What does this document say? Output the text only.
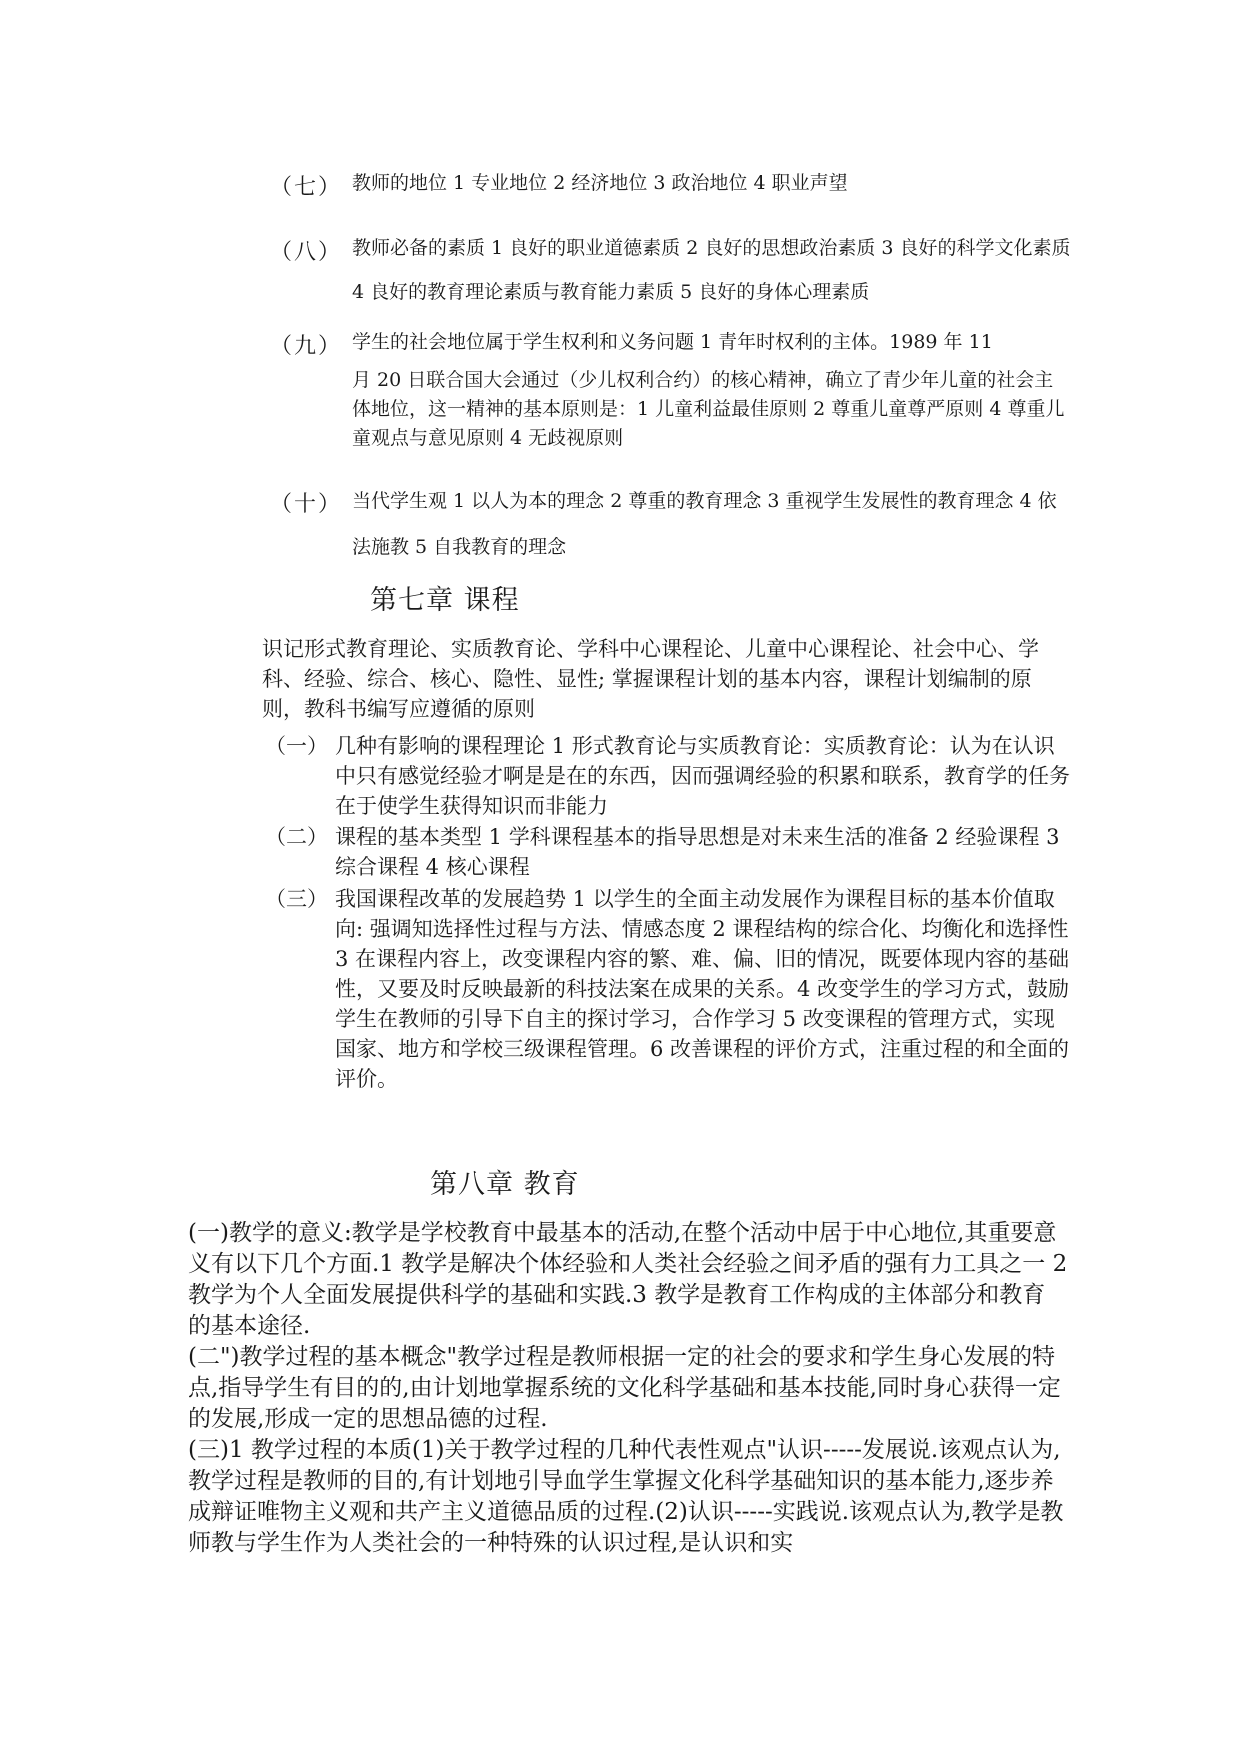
（七） 教师的地位 1 专业地位 2 经济地位 3 政治地位 4 职业声望
（八） 教师必备的素质 1 良好的职业道德素质 2 良好的思想政治素质 3 良好的科学文化素质 4 良好的教育理论素质与教育能力素质 5 良好的身体心理素质
（九） 学生的社会地位属于学生权利和义务问题 1 青年时权利的主体。1989 年 11
月 20 日联合国大会通过（少儿权利合约）的核心精神，确立了青少年儿童的社会主体地位，这一精神的基本原则是：1 儿童利益最佳原则 2 尊重儿童尊严原则 4 尊重儿童观点与意见原则 4 无歧视原则
（十） 当代学生观 1 以人为本的理念 2 尊重的教育理念 3 重视学生发展性的教育理念 4 依法施教 5 自我教育的理念
第七章 课程
识记形式教育理论、实质教育论、学科中心课程论、儿童中心课程论、社会中心、学科、经验、综合、核心、隐性、显性; 掌握课程计划的基本内容，课程计划编制的原则，教科书编写应遵循的原则
（一） 几种有影响的课程理论 1 形式教育论与实质教育论：实质教育论：认为在认识中只有感觉经验才啊是是在的东西，因而强调经验的积累和联系，教育学的任务在于使学生获得知识而非能力
（二） 课程的基本类型 1 学科课程基本的指导思想是对未来生活的准备 2 经验课程 3 综合课程 4 核心课程
（三） 我国课程改革的发展趋势 1 以学生的全面主动发展作为课程目标的基本价值取向: 强调知选择性过程与方法、情感态度 2 课程结构的综合化、均衡化和选择性 3 在课程内容上，改变课程内容的繁、难、偏、旧的情况，既要体现内容的基础性，又要及时反映最新的科技法案在成果的关系。4 改变学生的学习方式，鼓励学生在教师的引导下自主的探讨学习，合作学习 5 改变课程的管理方式，实现国家、地方和学校三级课程管理。6 改善课程的评价方式，注重过程的和全面的评价。
第八章 教育

(一)教学的意义:教学是学校教育中最基本的活动,在整个活动中居于中心地位,其重要意义有以下几个方面.1 教学是解决个体经验和人类社会经验之间矛盾的强有力工具之一 2 教学为个人全面发展提供科学的基础和实践.3 教学是教育工作构成的主体部分和教育的基本途径.

(二")教学过程的基本概念"教学过程是教师根据一定的社会的要求和学生身心发展的特点,指导学生有目的的,由计划地掌握系统的文化科学基础和基本技能,同时身心获得一定的发展,形成一定的思想品德的过程.

(三)1 教学过程的本质(1)关于教学过程的几种代表性观点"认识-----发展说.该观点认为,教学过程是教师的目的,有计划地引导血学生掌握文化科学基础知识的基本能力,逐步养成辩证唯物主义观和共产主义道德品质的过程.(2)认识-----实践说.该观点认为,教学是教师教与学生作为人类社会的一种特殊的认识过程,是认识和实
